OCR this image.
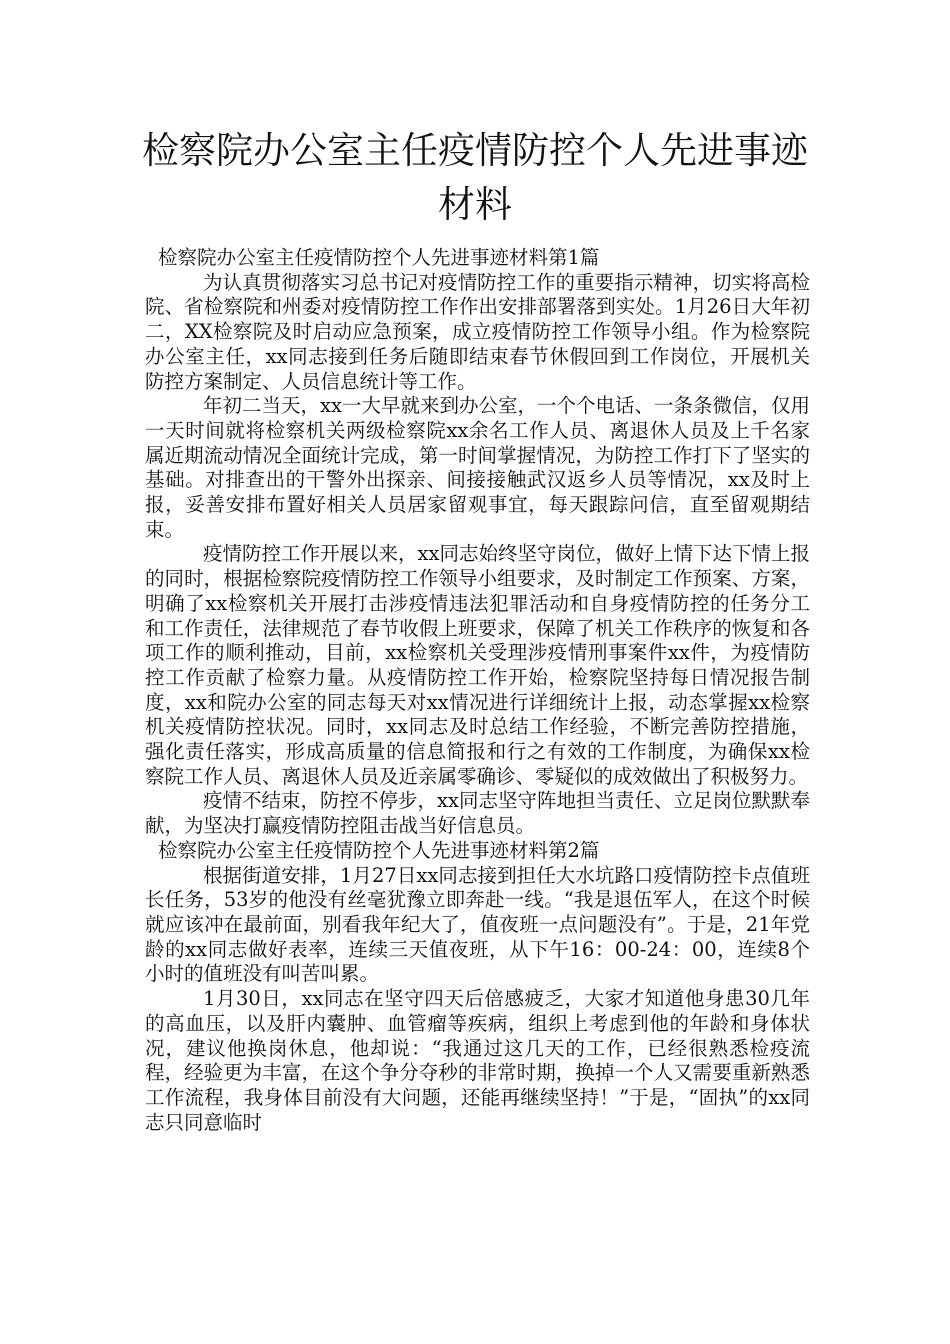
检察院办公室主任疫情防控个人先进事迹
材料
检察院办公室主任疫情防控个人先进事迹材料第1篇

为认真贯彻落实习总书记对疫情防控工作的重要指示精神，切实将高检院、省检察院和州委对疫情防控工作作出安排部署落到实处。1月26日大年初二，XX检察院及时启动应急预案，成立疫情防控工作领导小组。作为检察院办公室主任，xx同志接到任务后随即结束春节休假回到工作岗位，开展机关防控方案制定、人员信息统计等工作。

年初二当天，xx一大早就来到办公室，一个个电话、一条条微信，仅用一天时间就将检察机关两级检察院xx余名工作人员、离退休人员及上千名家属近期流动情况全面统计完成，第一时间掌握情况，为防控工作打下了坚实的基础。对排查出的干警外出探亲、间接接触武汉返乡人员等情况，xx及时上报，妥善安排布置好相关人员居家留观事宜，每天跟踪问信，直至留观期结束。

疫情防控工作开展以来，xx同志始终坚守岗位，做好上情下达下情上报的同时，根据检察院疫情防控工作领导小组要求，及时制定工作预案、方案，明确了xx检察机关开展打击涉疫情违法犯罪活动和自身疫情防控的任务分工和工作责任，法律规范了春节收假上班要求，保障了机关工作秩序的恢复和各项工作的顺利推动，目前，xx检察机关受理涉疫情刑事案件xx件，为疫情防控工作贡献了检察力量。从疫情防控工作开始，检察院坚持每日情况报告制度，xx和院办公室的同志每天对xx情况进行详细统计上报，动态掌握xx检察机关疫情防控状况。同时，xx同志及时总结工作经验，不断完善防控措施，强化责任落实，形成高质量的信息简报和行之有效的工作制度，为确保xx检察院工作人员、离退休人员及近亲属零确诊、零疑似的成效做出了积极努力。

疫情不结束，防控不停步，xx同志坚守阵地担当责任、立足岗位默默奉献，为坚决打赢疫情防控阻击战当好信息员。

检察院办公室主任疫情防控个人先进事迹材料第2篇

根据街道安排，1月27日xx同志接到担任大水坑路口疫情防控卡点值班长任务，53岁的他没有丝毫犹豫立即奔赴一线。“我是退伍军人，在这个时候就应该冲在最前面，别看我年纪大了，值夜班一点问题没有”。于是，21年党龄的xx同志做好表率，连续三天值夜班，从下午16：00-24：00，连续8个小时的值班没有叫苦叫累。

1月30日，xx同志在坚守四天后倍感疲乏，大家才知道他身患30几年的高血压，以及肝内囊肿、血管瘤等疾病，组织上考虑到他的年龄和身体状况，建议他换岗休息，他却说：“我通过这几天的工作，已经很熟悉检疫流程，经验更为丰富，在这个争分夺秒的非常时期，换掉一个人又需要重新熟悉工作流程，我身体目前没有大问题，还能再继续坚持！”于是，“固执”的xx同志只同意临时
